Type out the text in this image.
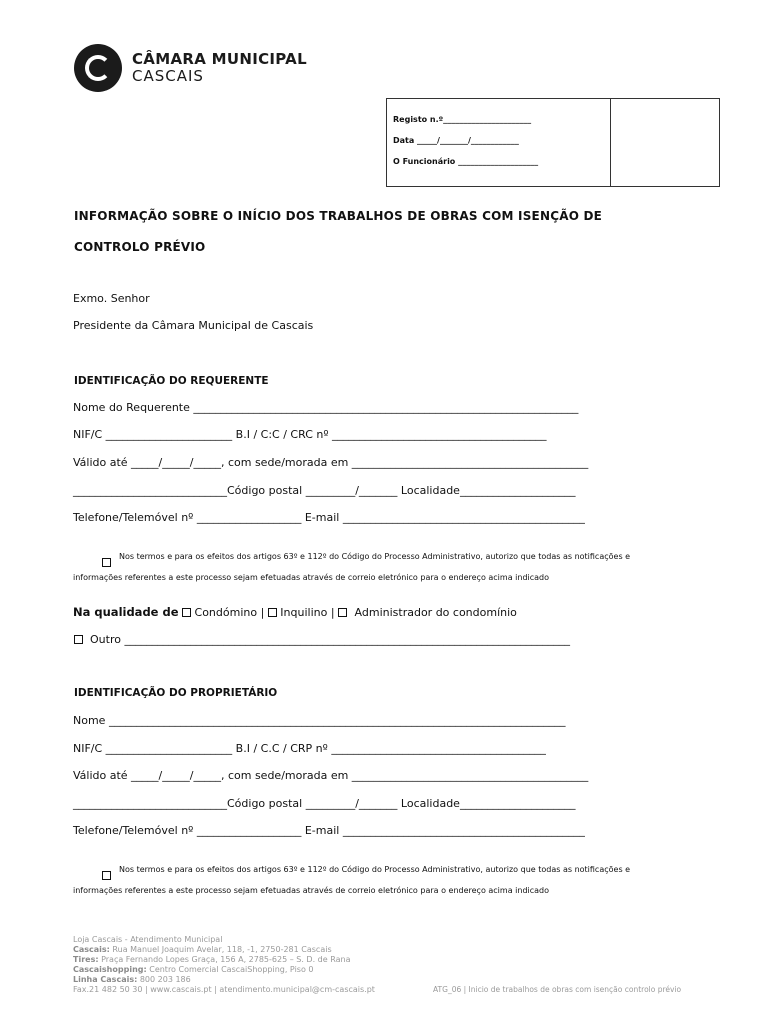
CÂMARA MUNICIPAL
CASCAIS
Registo n.º______________________
Data _____/_______/____________
O Funcionário ____________________
INFORMAÇÃO SOBRE O INÍCIO DOS TRABALHOS DE OBRAS COM ISENÇÃO DE
CONTROLO PRÉVIO
Exmo. Senhor
Presidente da Câmara Municipal de Cascais
IDENTIFICAÇÃO DO REQUERENTE
Nome do Requerente ______________________________________________________________________
NIF/C _______________________ B.I / C:C / CRC nº _______________________________________
Válido até _____/_____/_____, com sede/morada em ___________________________________________
____________________________Código postal _________/_______ Localidade_____________________
Telefone/Telemóvel nº ___________________ E-mail ____________________________________________
Nos termos e para os efeitos dos artigos 63º e 112º do Código do Processo Administrativo, autorizo que todas as notificações e
informações referentes a este processo sejam efetuadas através de correio eletrónico para o endereço acima indicado
Na qualidade de Condómino | Inquilino | Administrador do condomínio
Outro _________________________________________________________________________________
IDENTIFICAÇÃO DO PROPRIETÁRIO
Nome ___________________________________________________________________________________
NIF/C _______________________ B.I / C.C / CRP nº _______________________________________
Válido até _____/_____/_____, com sede/morada em ___________________________________________
____________________________Código postal _________/_______ Localidade_____________________
Telefone/Telemóvel nº ___________________ E-mail ____________________________________________
Nos termos e para os efeitos dos artigos 63º e 112º do Código do Processo Administrativo, autorizo que todas as notificações e
informações referentes a este processo sejam efetuadas através de correio eletrónico para o endereço acima indicado
Loja Cascais - Atendimento Municipal
Cascais: Rua Manuel Joaquim Avelar, 118, -1, 2750-281 Cascais
Tires: Praça Fernando Lopes Graça, 156 A, 2785-625 – S. D. de Rana
Cascaishopping: Centro Comercial CascaiShopping, Piso 0
Linha Cascais: 800 203 186
Fax.21 482 50 30 | www.cascais.pt | atendimento.municipal@cm-cascais.pt	ATG_06 | Inicio de trabalhos de obras com isenção controlo prévio
